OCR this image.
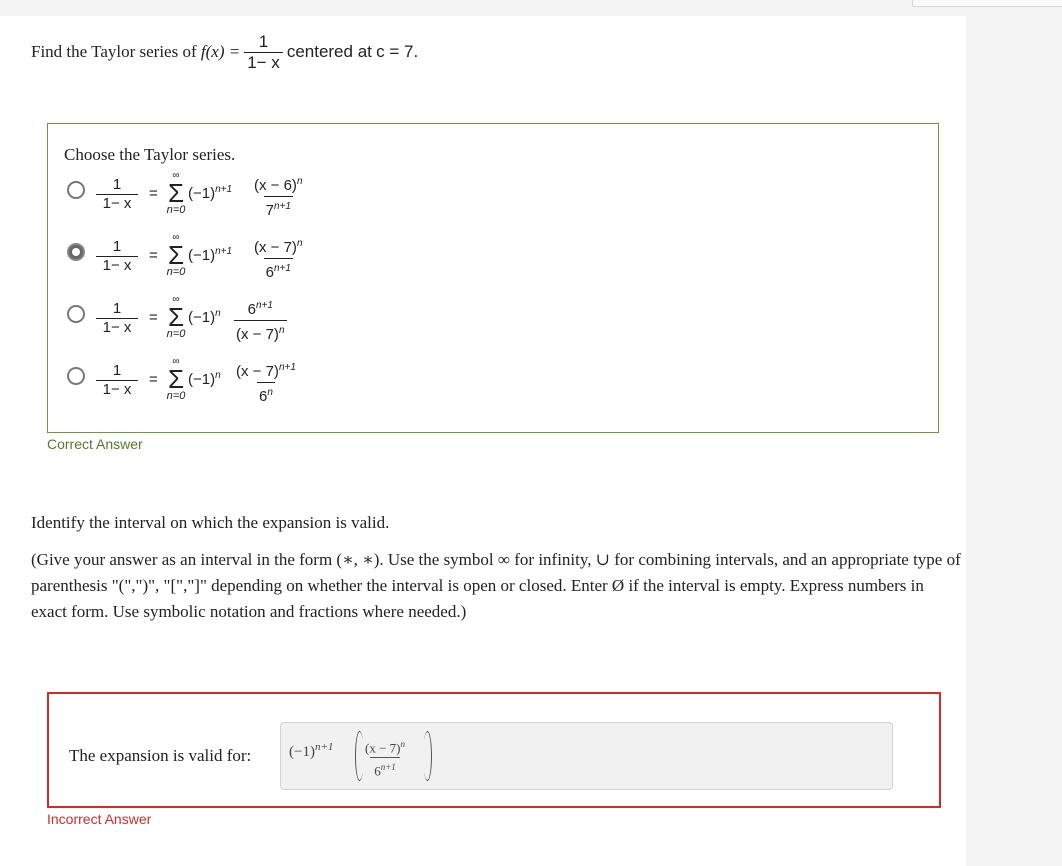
Find the Taylor series of
$f(x) = \frac{1}{1- x}$ centered at
c = 7.
Choose the Taylor series.
$\frac{1}{1- x}$ =
∞
Σ
n=0
$(-1)^{n+1} \frac{(x - 6)^n}{7^{n+1}}$
$\frac{1}{1- x}$ =
∞
Σ
n=0
$(-1)^{n+1} \frac{(x - 7)^n}{6^{n+1}}$
$\frac{1}{1- x}$ =
∞
Σ
n=0
$(-1)^n \frac{6^{n+1}}{(x - 7)^n}$
$\frac{1}{1- x}$ =
∞
Σ
n=0
$(-1)^n \frac{(x - 7)^{n+1}}{6^n}$
Correct Answer
Identify the interval on which the expansion is valid.
(Give your answer as an interval in the form (∗, ∗). Use the symbol ∞ for infinity, ∪ for combining intervals, and an appropriate type of parenthesis "(",")", "[","]" depending on whether the interval is open or closed. Enter Ø if the interval is empty. Express numbers in exact form. Use symbolic notation and fractions where needed.)
The expansion is valid for:	$(-1)^{n+1} \frac{(x - 7)^n}{6^{n+1}}$
Incorrect Answer
